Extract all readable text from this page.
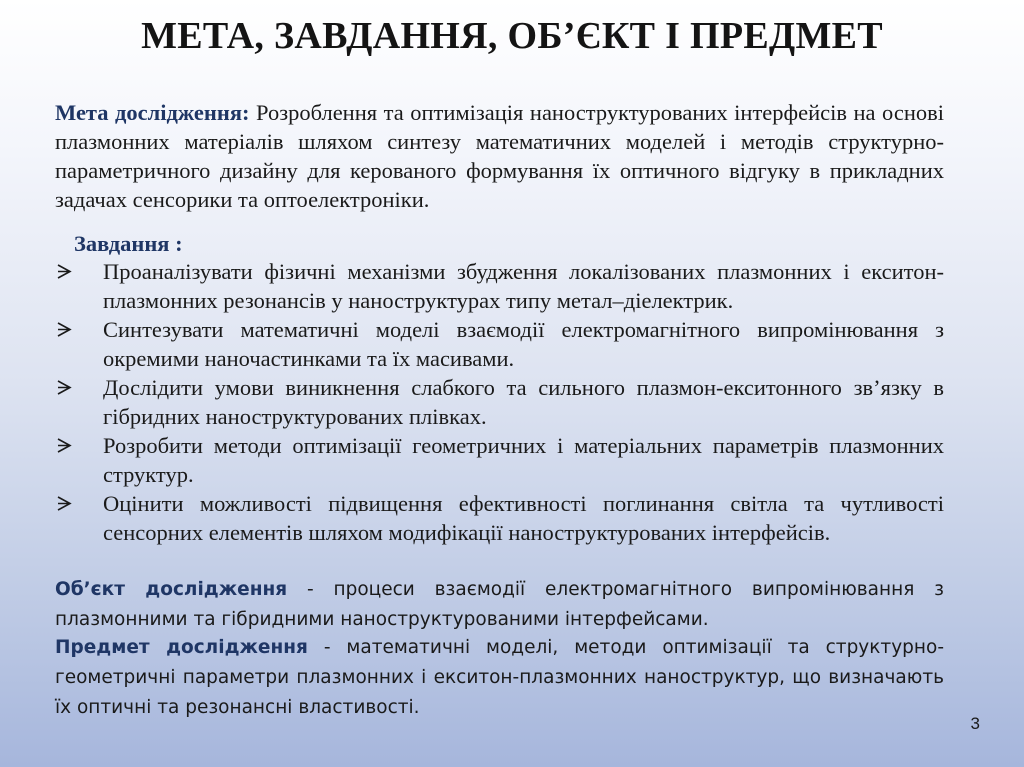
МЕТА, ЗАВДАННЯ, ОБ’ЄКТ І ПРЕДМЕТ
Мета дослідження: Розроблення та оптимізація наноструктурованих інтерфейсів на основі плазмонних матеріалів шляхом синтезу математичних моделей і методів структурно-параметричного дизайну для керованого формування їх оптичного відгуку в прикладних задачах сенсорики та оптоелектроніки.
Завдання :
Проаналізувати фізичні механізми збудження локалізованих плазмонних і екситон-плазмонних резонансів у наноструктурах типу метал–діелектрик.
Синтезувати математичні моделі взаємодії електромагнітного випромінювання з окремими наночастинками та їх масивами.
Дослідити умови виникнення слабкого та сильного плазмон-екситонного зв’язку в гібридних наноструктурованих плівках.
Розробити методи оптимізації геометричних і матеріальних параметрів плазмонних структур.
Оцінити можливості підвищення ефективності поглинання світла та чутливості сенсорних елементів шляхом модифікації наноструктурованих інтерфейсів.
Об’єкт дослідження - процеси взаємодії електромагнітного випромінювання з плазмонними та гібридними наноструктурованими інтерфейсами.
Предмет дослідження - математичні моделі, методи оптимізації та структурно-геометричні параметри плазмонних і екситон-плазмонних наноструктур, що визначають їх оптичні та резонансні властивості.
3
